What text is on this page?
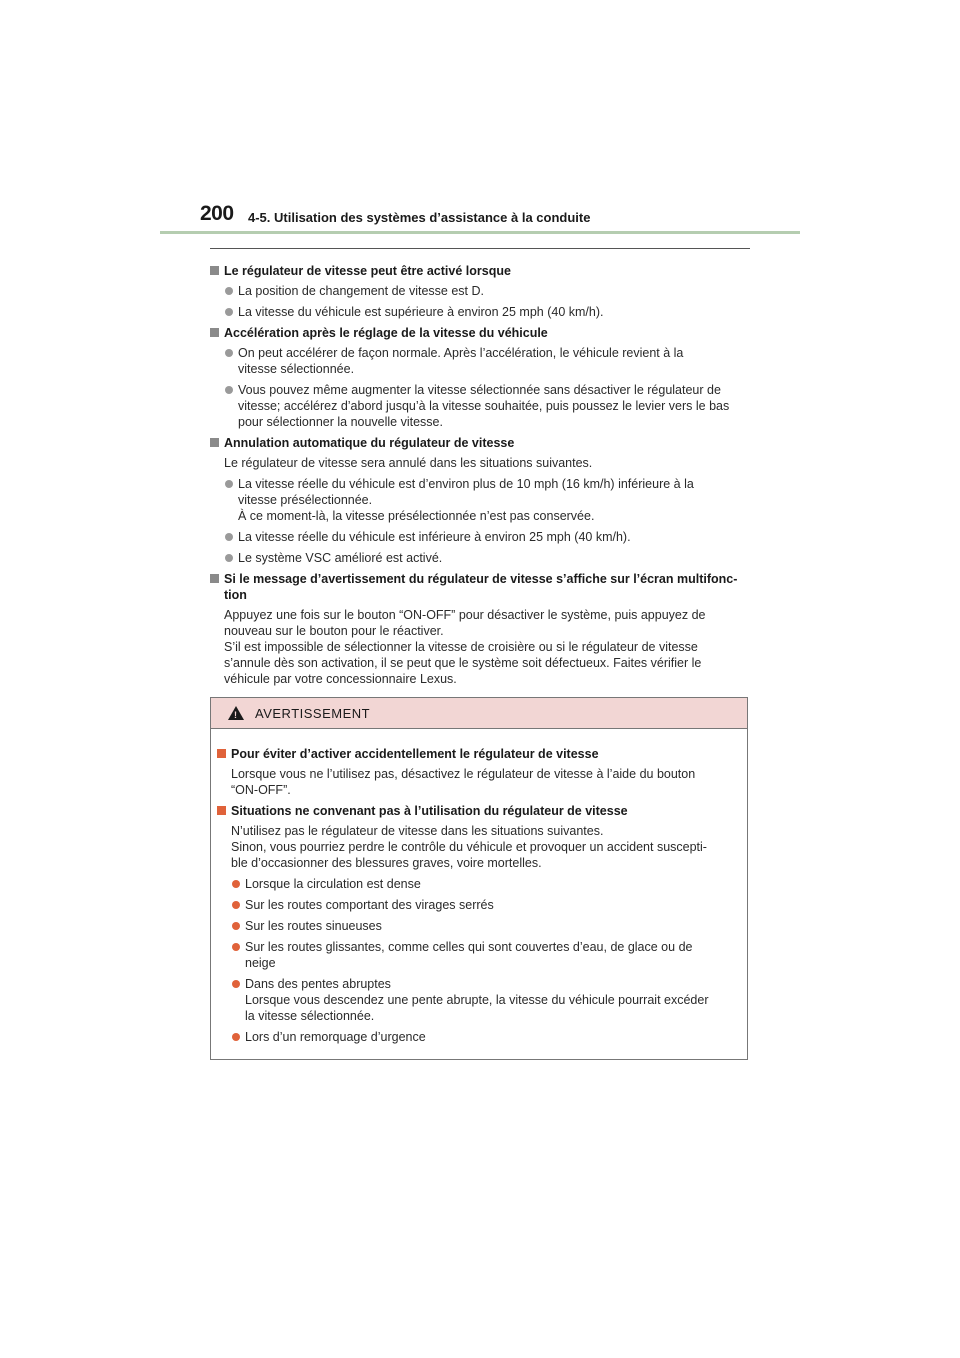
200 4-5. Utilisation des systèmes d’assistance à la conduite
Le régulateur de vitesse peut être activé lorsque
La position de changement de vitesse est D.
La vitesse du véhicule est supérieure à environ 25 mph (40 km/h).
Accélération après le réglage de la vitesse du véhicule
On peut accélérer de façon normale. Après l’accélération, le véhicule revient à la
vitesse sélectionnée.
Vous pouvez même augmenter la vitesse sélectionnée sans désactiver le régulateur de
vitesse; accélérez d’abord jusqu’à la vitesse souhaitée, puis poussez le levier vers le bas
pour sélectionner la nouvelle vitesse.
Annulation automatique du régulateur de vitesse
Le régulateur de vitesse sera annulé dans les situations suivantes.
La vitesse réelle du véhicule est d’environ plus de 10 mph (16 km/h) inférieure à la
vitesse présélectionnée.
À ce moment-là, la vitesse présélectionnée n’est pas conservée.
La vitesse réelle du véhicule est inférieure à environ 25 mph (40 km/h).
Le système VSC amélioré est activé.
Si le message d’avertissement du régulateur de vitesse s’affiche sur l’écran multifonc-
tion
Appuyez une fois sur le bouton “ON-OFF” pour désactiver le système, puis appuyez de
nouveau sur le bouton pour le réactiver.
S’il est impossible de sélectionner la vitesse de croisière ou si le régulateur de vitesse
s’annule dès son activation, il se peut que le système soit défectueux. Faites vérifier le
véhicule par votre concessionnaire Lexus.
! AVERTISSEMENT
Pour éviter d’activer accidentellement le régulateur de vitesse
Lorsque vous ne l’utilisez pas, désactivez le régulateur de vitesse à l’aide du bouton
“ON-OFF”.
Situations ne convenant pas à l’utilisation du régulateur de vitesse
N’utilisez pas le régulateur de vitesse dans les situations suivantes.
Sinon, vous pourriez perdre le contrôle du véhicule et provoquer un accident suscepti-
ble d’occasionner des blessures graves, voire mortelles.
Lorsque la circulation est dense
Sur les routes comportant des virages serrés
Sur les routes sinueuses
Sur les routes glissantes, comme celles qui sont couvertes d’eau, de glace ou de
neige
Dans des pentes abruptes
Lorsque vous descendez une pente abrupte, la vitesse du véhicule pourrait excéder
la vitesse sélectionnée.
Lors d’un remorquage d’urgence
